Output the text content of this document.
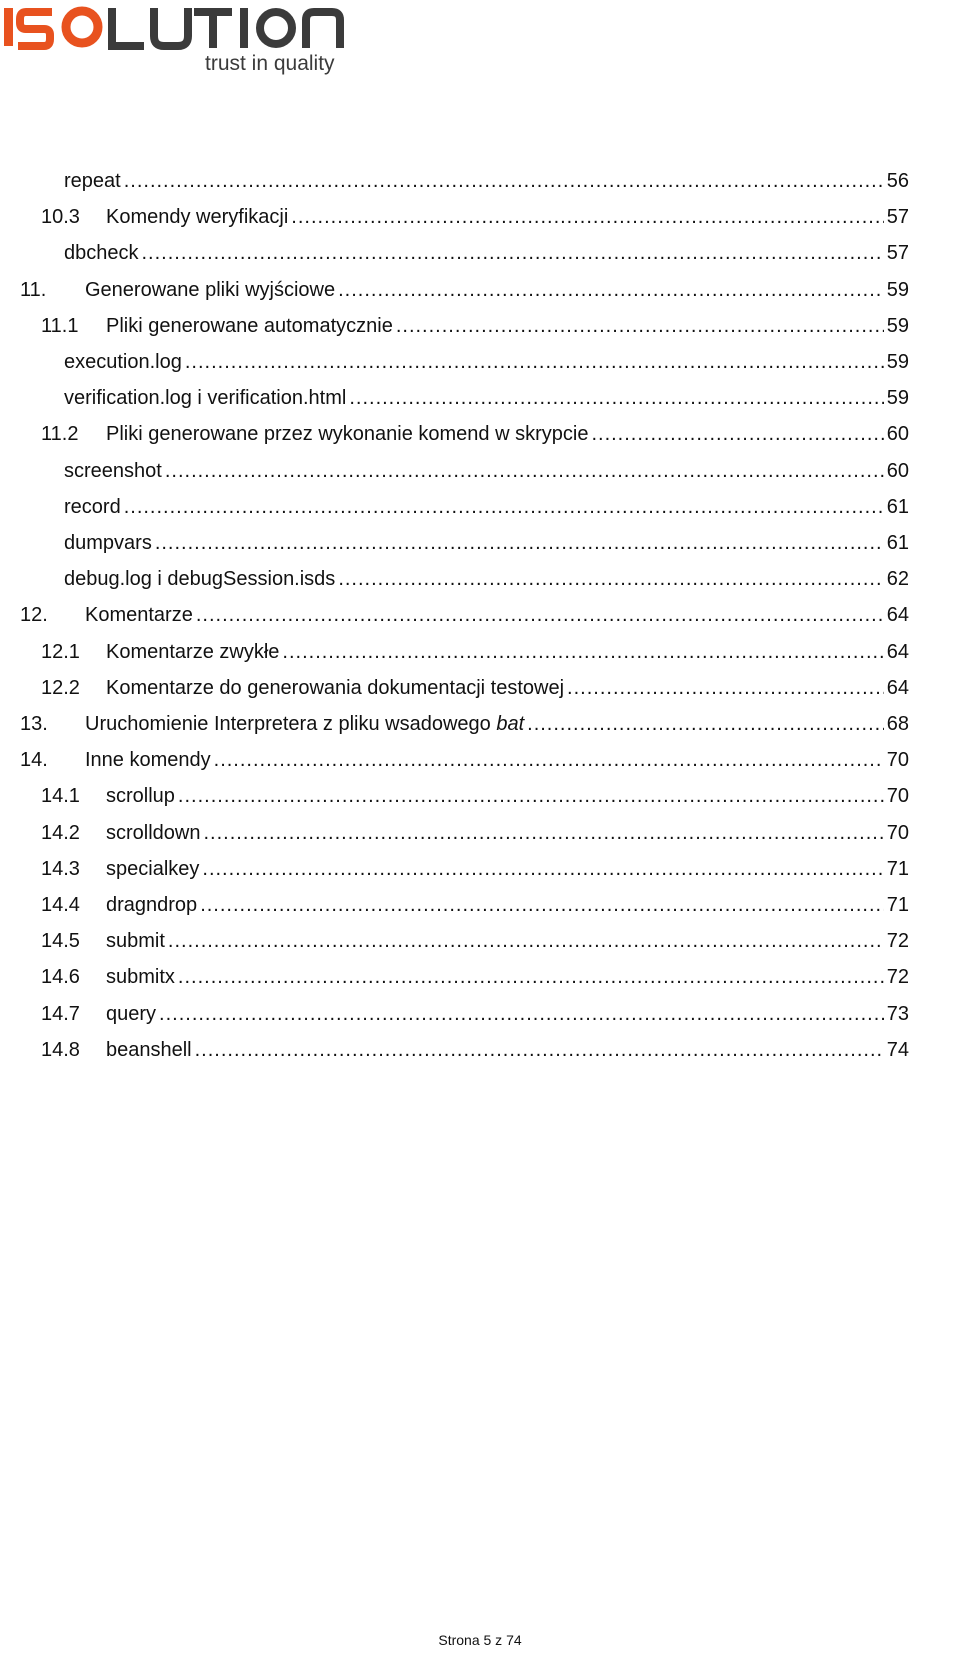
trust in quality
repeat .....	56
10.3 Komendy weryfikacji .....	57
dbcheck .....	57
11. Generowane pliki wyjściowe .....	59
11.1 Pliki generowane automatycznie .....	59
execution.log .....	59
verification.log i verification.html .....	59
11.2 Pliki generowane przez wykonanie komend w skrypcie .....	60
screenshot .....	60
record .....	61
dumpvars .....	61
debug.log i debugSession.isds .....	62
12. Komentarze .....	64
12.1 Komentarze zwykłe .....	64
12.2 Komentarze do generowania dokumentacji testowej .....	64
13. Uruchomienie Interpretera z pliku wsadowego bat .....	68
14. Inne komendy .....	70
14.1 scrollup .....	70
14.2 scrolldown .....	70
14.3 specialkey .....	71
14.4 dragndrop .....	71
14.5 submit .....	72
14.6 submitx .....	72
14.7 query .....	73
14.8 beanshell .....	74
Strona 5 z 74
